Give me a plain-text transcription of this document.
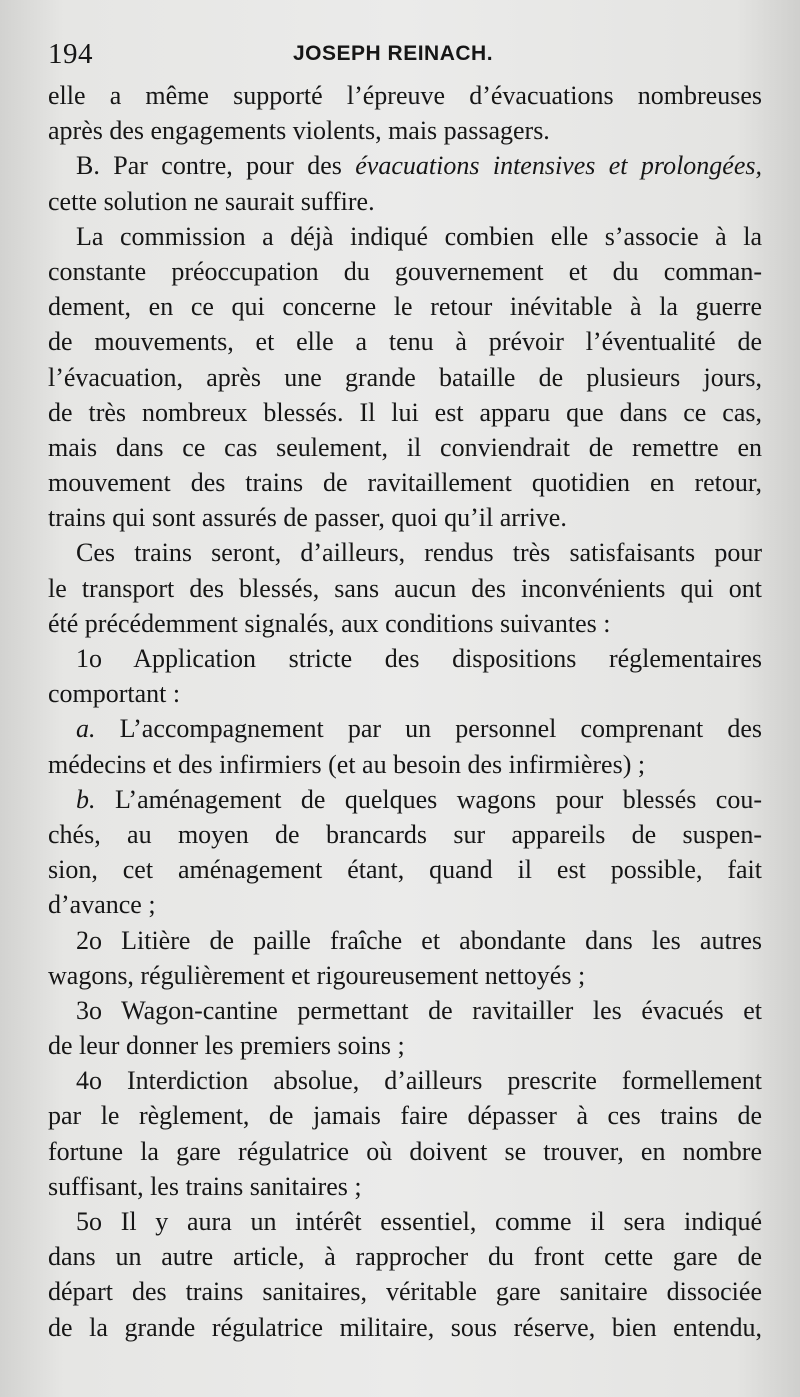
194	JOSEPH REINACH.
elle a même supporté l’épreuve d’évacuations nombreuses
après des engagements violents, mais passagers.
B. Par contre, pour des évacuations intensives et prolongées,
cette solution ne saurait suffire.
La commission a déjà indiqué combien elle s’associe à la
constante préoccupation du gouvernement et du comman-
dement, en ce qui concerne le retour inévitable à la guerre
de mouvements, et elle a tenu à prévoir l’éventualité de
l’évacuation, après une grande bataille de plusieurs jours,
de très nombreux blessés. Il lui est apparu que dans ce cas,
mais dans ce cas seulement, il conviendrait de remettre en
mouvement des trains de ravitaillement quotidien en retour,
trains qui sont assurés de passer, quoi qu’il arrive.
Ces trains seront, d’ailleurs, rendus très satisfaisants pour
le transport des blessés, sans aucun des inconvénients qui ont
été précédemment signalés, aux conditions suivantes :
1o Application stricte des dispositions réglementaires
comportant :
a. L’accompagnement par un personnel comprenant des
médecins et des infirmiers (et au besoin des infirmières) ;
b. L’aménagement de quelques wagons pour blessés cou-
chés, au moyen de brancards sur appareils de suspen-
sion, cet aménagement étant, quand il est possible, fait
d’avance ;
2o Litière de paille fraîche et abondante dans les autres
wagons, régulièrement et rigoureusement nettoyés ;
3o Wagon-cantine permettant de ravitailler les évacués et
de leur donner les premiers soins ;
4o Interdiction absolue, d’ailleurs prescrite formellement
par le règlement, de jamais faire dépasser à ces trains de
fortune la gare régulatrice où doivent se trouver, en nombre
suffisant, les trains sanitaires ;
5o Il y aura un intérêt essentiel, comme il sera indiqué
dans un autre article, à rapprocher du front cette gare de
départ des trains sanitaires, véritable gare sanitaire dissociée
de la grande régulatrice militaire, sous réserve, bien entendu,
